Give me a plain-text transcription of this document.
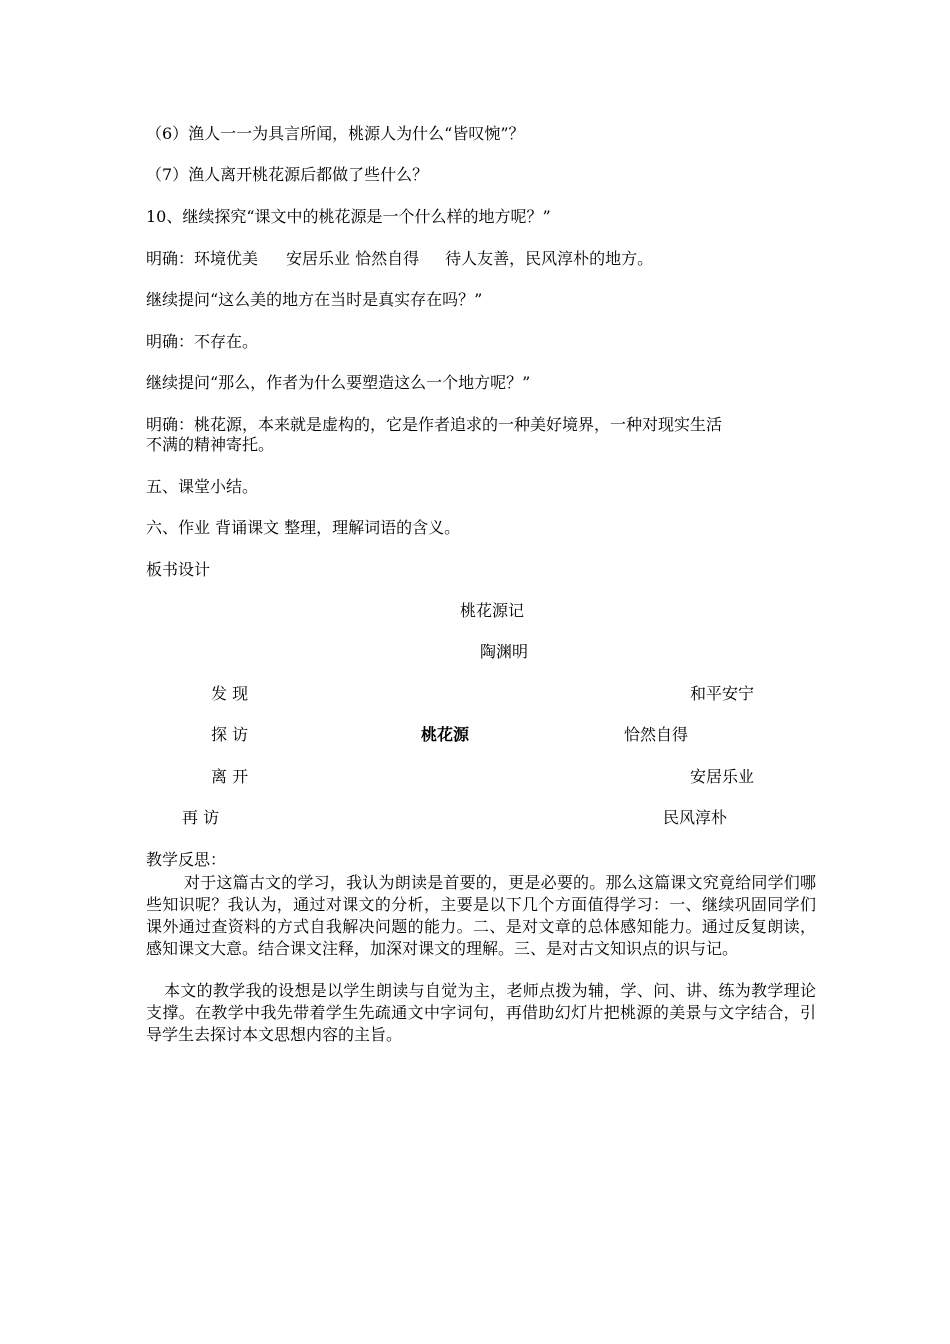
（6）渔人一一为具言所闻，桃源人为什么“皆叹惋”？

（7）渔人离开桃花源后都做了些什么？

10、继续探究“课文中的桃花源是一个什么样的地方呢？”

明确：环境优美 安居乐业 恰然自得 待人友善，民风淳朴的地方。

继续提问“这么美的地方在当时是真实存在吗？”

明确：不存在。

继续提问“那么，作者为什么要塑造这么一个地方呢？”

明确：桃花源，本来就是虚构的，它是作者追求的一种美好境界，一种对现实生活

不满的精神寄托。

五、课堂小结。

六、作业 背诵课文 整理，理解词语的含义。

板书设计

桃花源记

陶渊明

发 现	和平安宁

探 访	桃花源	恰然自得

离 开	安居乐业

再 访	民风淳朴

教学反思：

对于这篇古文的学习，我认为朗读是首要的，更是必要的。那么这篇课文究竟给同学们哪些知识呢？我认为，通过对课文的分析，主要是以下几个方面值得学习：一、继续巩固同学们课外通过查资料的方式自我解决问题的能力。二、是对文章的总体感知能力。通过反复朗读，感知课文大意。结合课文注释，加深对课文的理解。三、是对古文知识点的识与记。

本文的教学我的设想是以学生朗读与自觉为主，老师点拨为辅，学、问、讲、练为教学理论支撑。在教学中我先带着学生先疏通文中字词句，再借助幻灯片把桃源的美景与文字结合，引导学生去探讨本文思想内容的主旨。
